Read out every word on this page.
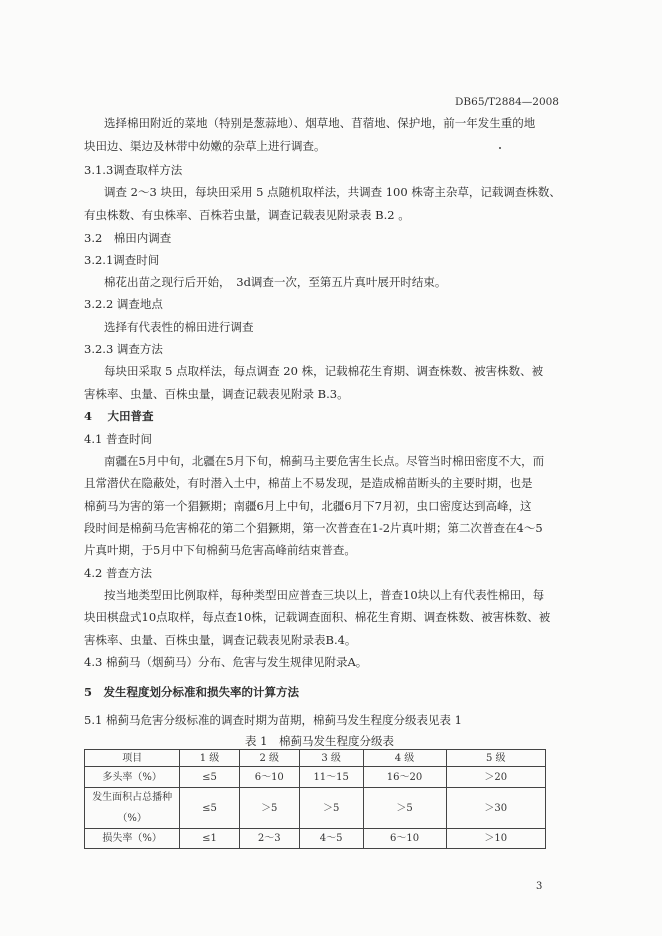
DB65/T2884—2008
选择棉田附近的菜地（特别是葱蒜地）、烟草地、苜蓿地、保护地，前一年发生重的地
块田边、渠边及林带中幼嫩的杂草上进行调查。
3.1.3调查取样方法
调查 2～3 块田，每块田采用 5 点随机取样法，共调查 100 株寄主杂草，记载调查株数、
有虫株数、有虫株率、百株若虫量，调查记载表见附录表 B.2 。
3.2　棉田内调查
3.2.1调查时间
棉花出苗之现行后开始，　3d调查一次，至第五片真叶展开时结束。
3.2.2 调查地点
选择有代表性的棉田进行调查
3.2.3 调查方法
每块田采取 5 点取样法，每点调查 20 株，记载棉花生育期、调查株数、被害株数、被
害株率、虫量、百株虫量，调查记载表见附录 B.3。
4　 大田普查
4.1 普查时间
南疆在5月中旬，北疆在5月下旬，棉蓟马主要危害生长点。尽管当时棉田密度不大，而
且常潜伏在隐蔽处，有时潜入土中，棉苗上不易发现，是造成棉苗断头的主要时期，也是
棉蓟马为害的第一个猖獗期；南疆6月上中旬，北疆6月下7月初，虫口密度达到高峰，这
段时间是棉蓟马危害棉花的第二个猖獗期，第一次普查在1-2片真叶期；第二次普查在4～5
片真叶期，于5月中下旬棉蓟马危害高峰前结束普查。
4.2 普查方法
按当地类型田比例取样，每种类型田应普查三块以上，普查10块以上有代表性棉田，每
块田棋盘式10点取样，每点查10株，记载调查面积、棉花生育期、调查株数、被害株数、被
害株率、虫量、百株虫量，调查记载表见附录表B.4。
4.3 棉蓟马（烟蓟马）分布、危害与发生规律见附录A。
5　发生程度划分标准和损失率的计算方法
5.1 棉蓟马危害分级标准的调查时期为苗期，棉蓟马发生程度分级表见表 1
表 1　棉蓟马发生程度分级表
项目	1 级	2 级	3 级	4 级	5 级
多头率（%）	≤5	6～10	11～15	16～20	＞20

发生面积占总播种
（%）	≤5	＞5	＞5	＞5	＞30
损失率（%）	≤1	2～3	4～5	6～10	＞10
3
